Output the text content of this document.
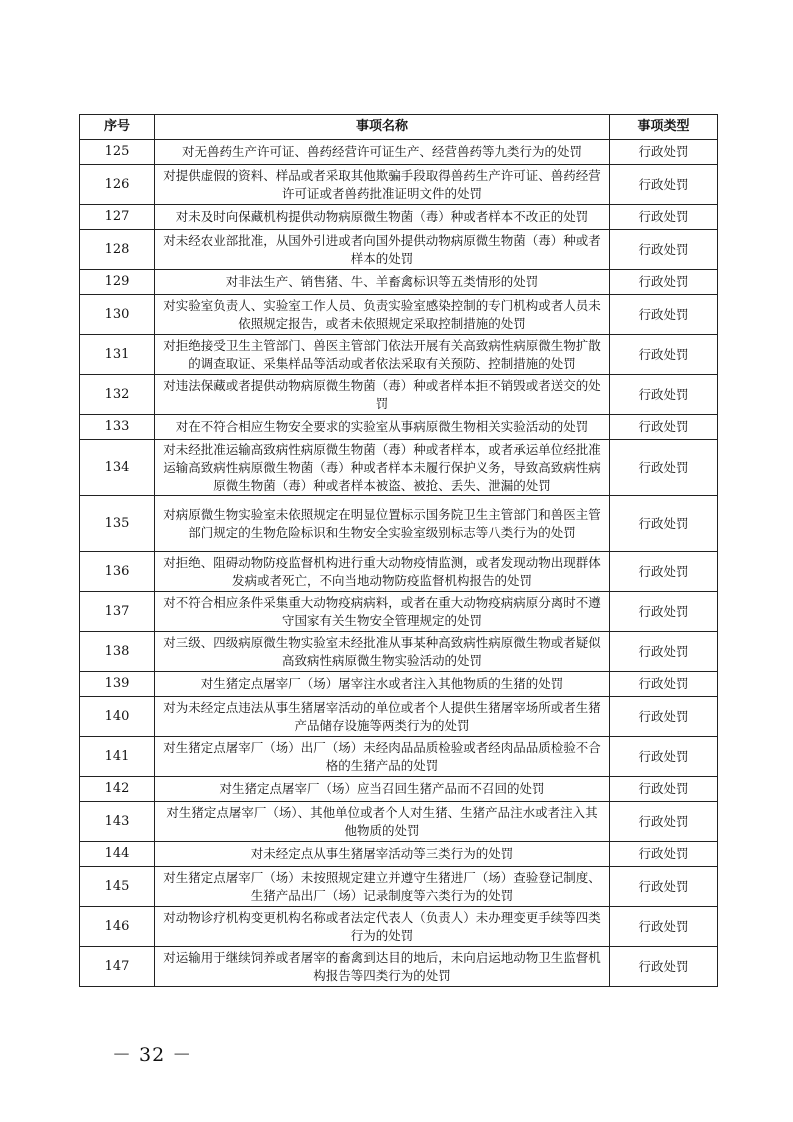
序号	事项名称	事项类型
125	对无兽药生产许可证、兽药经营许可证生产、经营兽药等九类行为的处罚	行政处罚
126	对提供虚假的资料、样品或者采取其他欺骗手段取得兽药生产许可证、兽药经营许可证或者兽药批准证明文件的处罚	行政处罚
127	对未及时向保藏机构提供动物病原微生物菌（毒）种或者样本不改正的处罚	行政处罚
128	对未经农业部批准，从国外引进或者向国外提供动物病原微生物菌（毒）种或者样本的处罚	行政处罚
129	对非法生产、销售猪、牛、羊畜禽标识等五类情形的处罚	行政处罚
130	对实验室负责人、实验室工作人员、负责实验室感染控制的专门机构或者人员未依照规定报告，或者未依照规定采取控制措施的处罚	行政处罚
131	对拒绝接受卫生主管部门、兽医主管部门依法开展有关高致病性病原微生物扩散的调查取证、采集样品等活动或者依法采取有关预防、控制措施的处罚	行政处罚
132	对违法保藏或者提供动物病原微生物菌（毒）种或者样本拒不销毁或者送交的处罚	行政处罚
133	对在不符合相应生物安全要求的实验室从事病原微生物相关实验活动的处罚	行政处罚
134	对未经批准运输高致病性病原微生物菌（毒）种或者样本，或者承运单位经批准运输高致病性病原微生物菌（毒）种或者样本未履行保护义务，导致高致病性病原微生物菌（毒）种或者样本被盗、被抢、丢失、泄漏的处罚	行政处罚
135	对病原微生物实验室未依照规定在明显位置标示国务院卫生主管部门和兽医主管部门规定的生物危险标识和生物安全实验室级别标志等八类行为的处罚	行政处罚
136	对拒绝、阻碍动物防疫监督机构进行重大动物疫情监测，或者发现动物出现群体发病或者死亡，不向当地动物防疫监督机构报告的处罚	行政处罚
137	对不符合相应条件采集重大动物疫病病料，或者在重大动物疫病病原分离时不遵守国家有关生物安全管理规定的处罚	行政处罚
138	对三级、四级病原微生物实验室未经批准从事某种高致病性病原微生物或者疑似高致病性病原微生物实验活动的处罚	行政处罚
139	对生猪定点屠宰厂（场）屠宰注水或者注入其他物质的生猪的处罚	行政处罚
140	对为未经定点违法从事生猪屠宰活动的单位或者个人提供生猪屠宰场所或者生猪产品储存设施等两类行为的处罚	行政处罚
141	对生猪定点屠宰厂（场）出厂（场）未经肉品品质检验或者经肉品品质检验不合格的生猪产品的处罚	行政处罚
142	对生猪定点屠宰厂（场）应当召回生猪产品而不召回的处罚	行政处罚
143	对生猪定点屠宰厂（场）、其他单位或者个人对生猪、生猪产品注水或者注入其他物质的处罚	行政处罚
144	对未经定点从事生猪屠宰活动等三类行为的处罚	行政处罚
145	对生猪定点屠宰厂（场）未按照规定建立并遵守生猪进厂（场）查验登记制度、生猪产品出厂（场）记录制度等六类行为的处罚	行政处罚
146	对动物诊疗机构变更机构名称或者法定代表人（负责人）未办理变更手续等四类行为的处罚	行政处罚
147	对运输用于继续饲养或者屠宰的畜禽到达目的地后，未向启运地动物卫生监督机构报告等四类行为的处罚	行政处罚
－ 32 －
